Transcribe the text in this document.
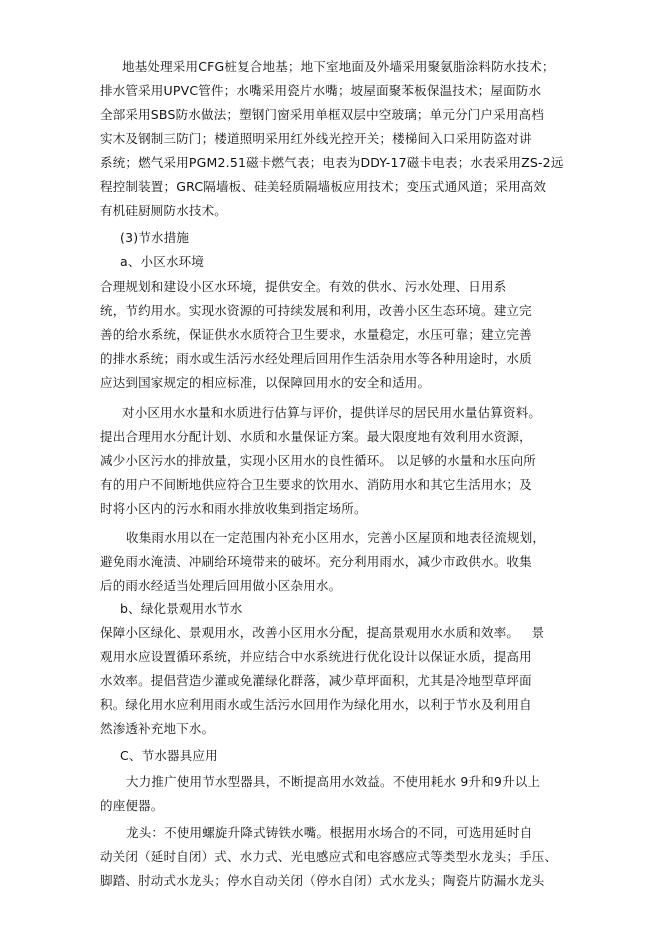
地基处理采用CFG桩复合地基；地下室地面及外墙采用聚氨脂涂料防水技术；
排水管采用UPVC管件；水嘴采用瓷片水嘴；坡屋面聚苯板保温技术；屋面防水
全部采用SBS防水做法；塑钢门窗采用单框双层中空玻璃；单元分门户采用高档
实木及钢制三防门；楼道照明采用红外线光控开关；楼梯间入口采用防盗对讲
系统；燃气采用PGM2.51磁卡燃气表；电表为DDY-17磁卡电表；水表采用ZS-2远
程控制装置；GRC隔墙板、硅美轻质隔墙板应用技术；变压式通风道；采用高效
有机硅厨厕防水技术。
(3)节水措施
a、小区水环境
合理规划和建设小区水环境，提供安全。有效的供水、污水处理、日用系
统，节约用水。实现水资源的可持续发展和利用，改善小区生态环境。建立完
善的给水系统，保证供水水质符合卫生要求，水量稳定，水压可靠；建立完善
的排水系统；雨水或生活污水经处理后回用作生活杂用水等各种用途时，水质
应达到国家规定的相应标准，以保障回用水的安全和适用。
对小区用水水量和水质进行估算与评价，提供详尽的居民用水量估算资料。
提出合理用水分配计划、水质和水量保证方案。最大限度地有效利用水资源，
减少小区污水的排放量，实现小区用水的良性循环。 以足够的水量和水压向所
有的用户不间断地供应符合卫生要求的饮用水、消防用水和其它生活用水；及
时将小区内的污水和雨水排放收集到指定场所。
收集雨水用以在一定范围内补充小区用水，完善小区屋顶和地表径流规划，
避免雨水淹渍、冲刷给环境带来的破坏。充分利用雨水，减少市政供水。收集
后的雨水经适当处理后回用做小区杂用水。
b、绿化景观用水节水
保障小区绿化、景观用水，改善小区用水分配，提高景观用水水质和效率。   景
观用水应设置循环系统，并应结合中水系统进行优化设计以保证水质，提高用
水效率。提倡营造少灌或免灌绿化群落，减少草坪面积，尤其是冷地型草坪面
积。绿化用水应利用雨水或生活污水回用作为绿化用水，以利于节水及利用自
然渗透补充地下水。
C、节水器具应用
大力推广使用节水型器具，不断提高用水效益。不使用耗水 9升和9升以上
的座便器。
龙头：不使用螺旋升降式铸铁水嘴。根据用水场合的不同，可选用延时自
动关闭（延时自闭）式、水力式、光电感应式和电容感应式等类型水龙头；手压、
脚踏、肘动式水龙头；停水自动关闭（停水自闭）式水龙头；陶瓷片防漏水龙头
